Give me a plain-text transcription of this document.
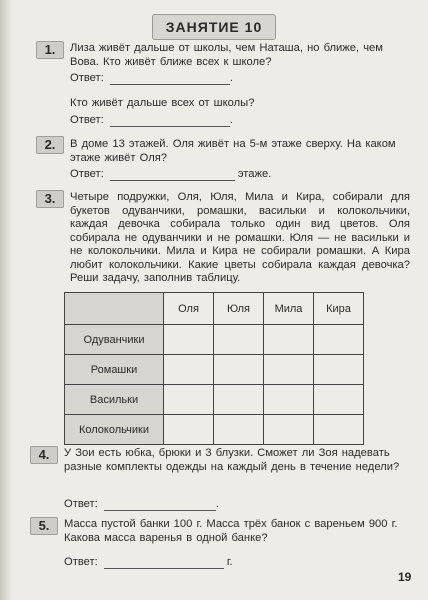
ЗАНЯТИЕ 10
1.	Лиза живёт дальше от школы, чем Наташа, но ближе, чем Вова. Кто живёт ближе всех к школе?
Ответ:	.
Кто живёт дальше всех от школы?
Ответ:	.
2.	В доме 13 этажей. Оля живёт на 5-м этаже сверху. На каком этаже живёт Оля?
Ответ:	этаже.
3.	Четыре подружки, Оля, Юля, Мила и Кира, собирали для букетов одуванчики, ромашки, васильки и колокольчики, каждая девочка собирала только один вид цветов. Оля собирала не одуванчики и не ромашки. Юля — не васильки и не колокольчики. Мила и Кира не собирали ромашки. А Кира любит колокольчики. Какие цветы собирала каждая девочка? Реши задачу, заполнив таблицу.
	Оля	Юля	Мила	Кира
Одуванчики				
Ромашки				
Васильки				
Колокольчики				
4.	У Зои есть юбка, брюки и 3 блузки. Сможет ли Зоя надевать разные комплекты одежды на каждый день в течение недели?
Ответ:	.
5.	Масса пустой банки 100 г. Масса трёх банок с вареньем 900 г. Какова масса варенья в одной банке?
Ответ:	г.
19
